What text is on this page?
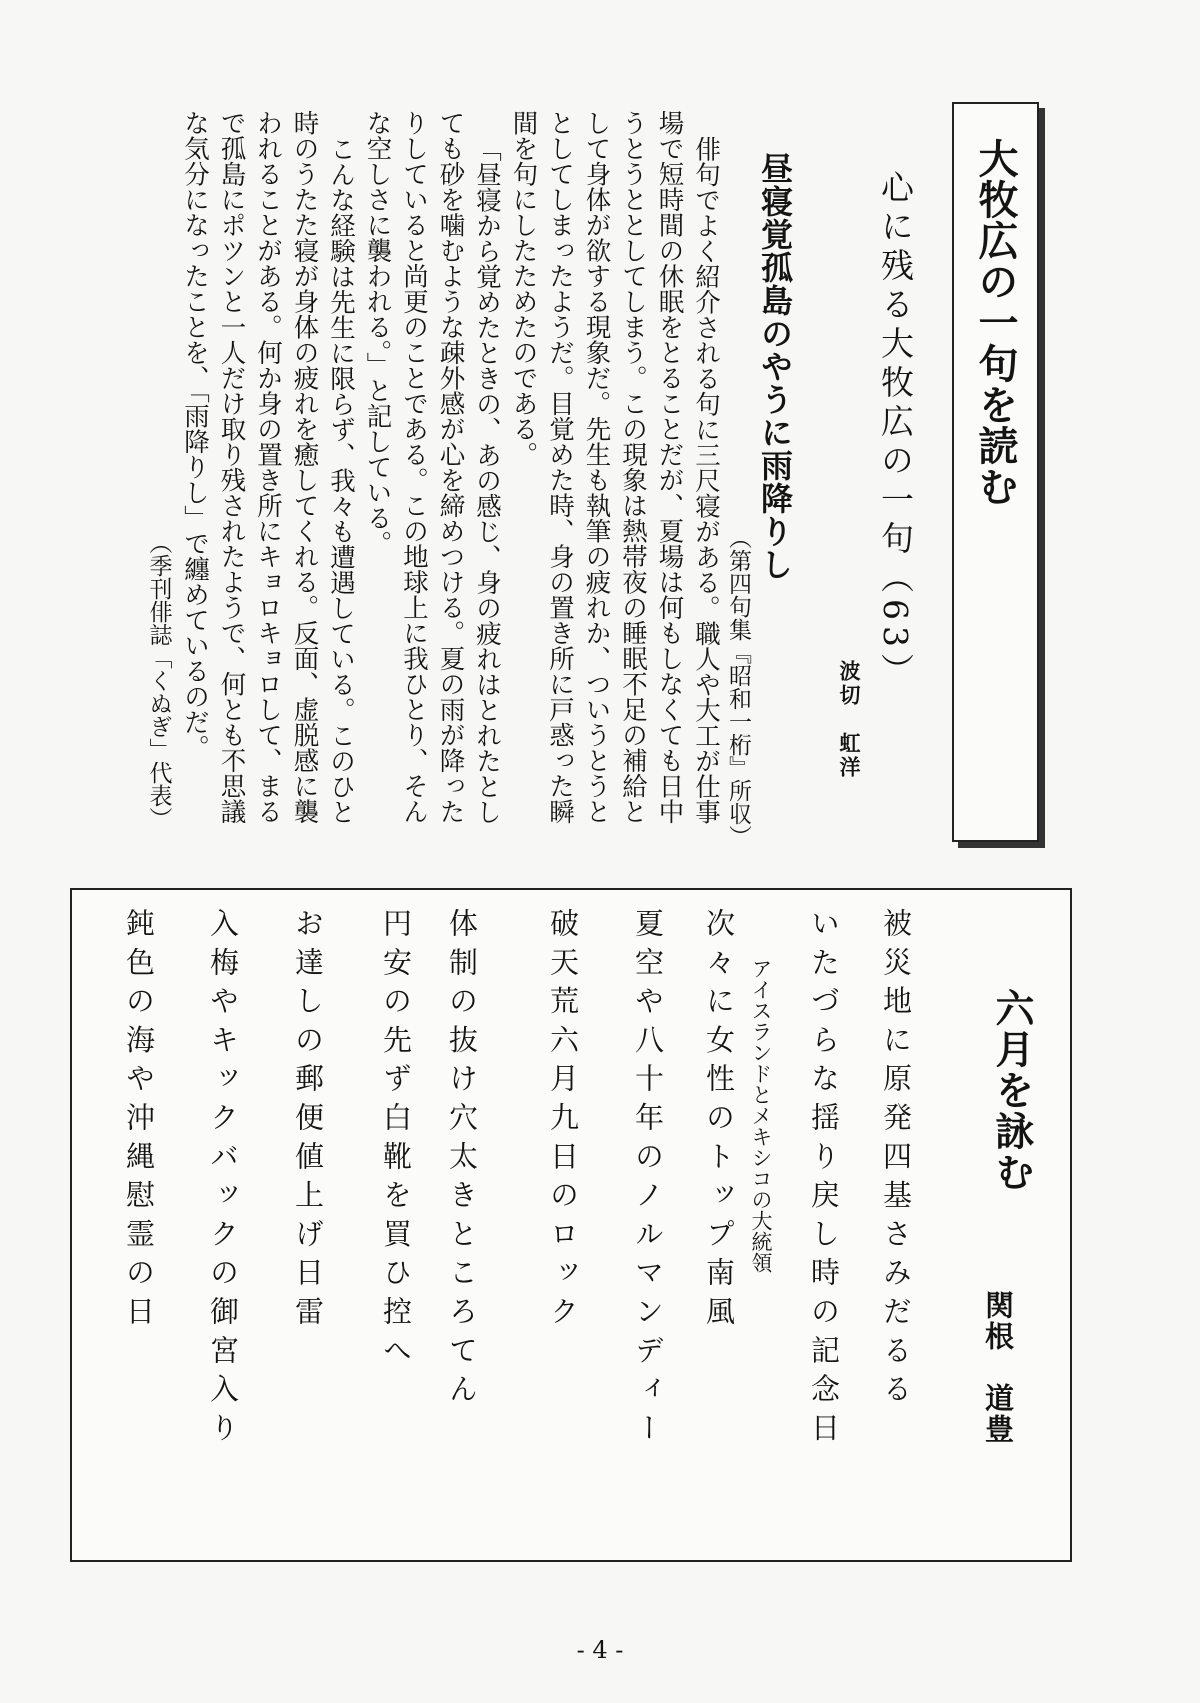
大牧広の一句を読む
心に残る大牧広の一句（63）
波切　虹洋
昼寝覚孤島のやうに雨降りし
（第四句集『昭和一桁』所収）

俳句でよく紹介される句に三尺寝がある。職人や大工が仕事場で短時間の休眠をとることだが、夏場は何もしなくても日中うとうととしてしまう。この現象は熱帯夜の睡眠不足の補給として身体が欲する現象だ。先生も執筆の疲れか、ついうとうととしてしまったようだ。目覚めた時、身の置き所に戸惑った瞬間を句にしたためたのである。

「昼寝から覚めたときの、あの感じ、身の疲れはとれたとしても砂を噛むような疎外感が心を締めつける。夏の雨が降ったりしていると尚更のことである。この地球上に我ひとり、そんな空しさに襲われる。」と記している。

こんな経験は先生に限らず、我々も遭遇している。このひと時のうたた寝が身体の疲れを癒してくれる。反面、虚脱感に襲われることがある。何か身の置き所にキョロキョロして、まるで孤島にポツンと一人だけ取り残されたようで、何とも不思議な気分になったことを、「雨降りし」で纏めているのだ。

（季刊俳誌「くぬぎ」代表）

六月を詠む
関根　道豊
被災地に原発四基さみだるる
いたづらな揺り戻し時の記念日
アイスランドとメキシコの大統領
次々に女性のトップ南風
夏空や八十年のノルマンディー
破天荒六月九日のロック
体制の抜け穴太きところてん
円安の先ず白靴を買ひ控へ
お達しの郵便値上げ日雷
入梅やキックバックの御宮入り
鈍色の海や沖縄慰霊の日
- 4 -
